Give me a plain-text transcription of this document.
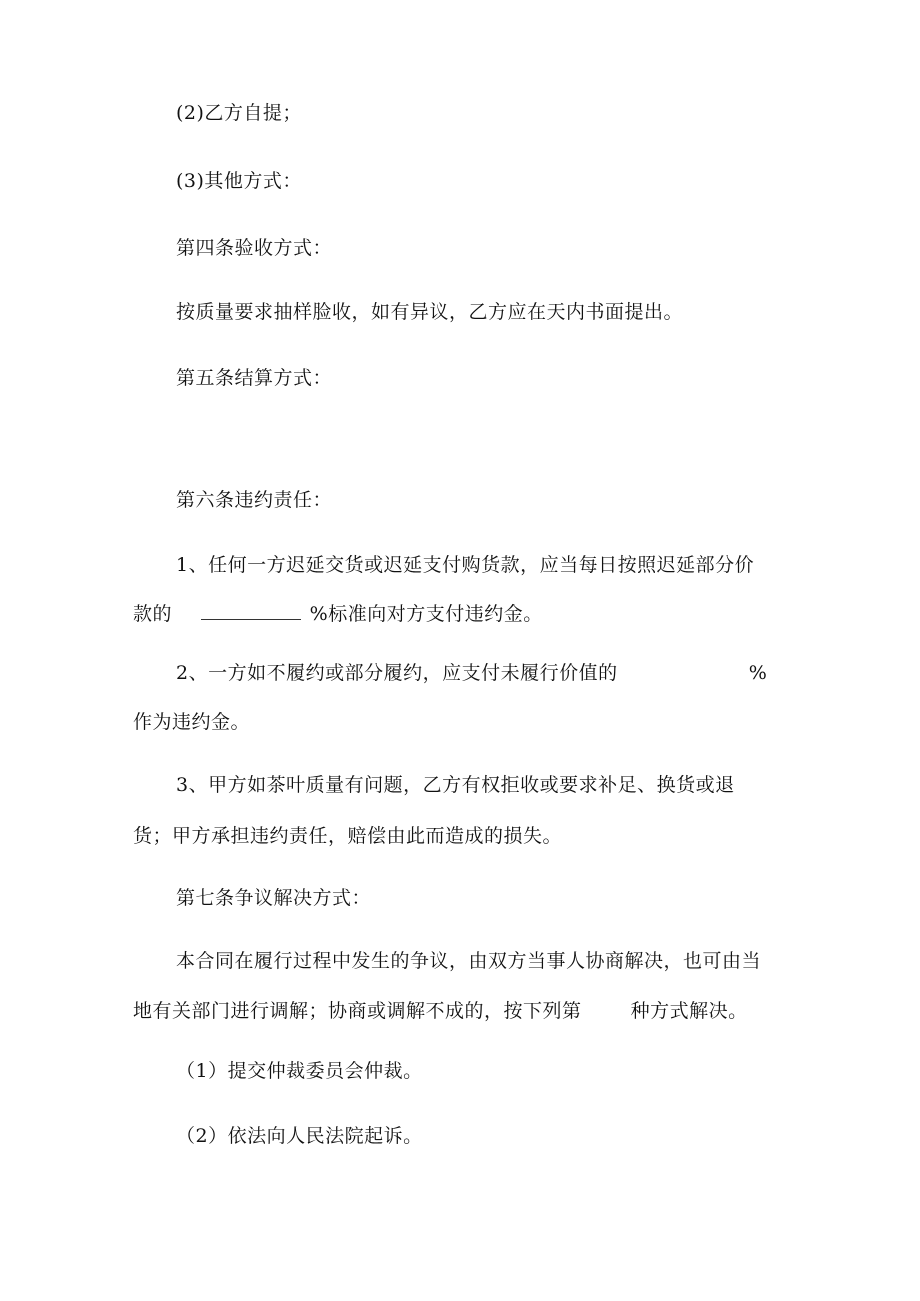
(2)乙方自提；
(3)其他方式：
第四条验收方式：
按质量要求抽样脸收，如有异议，乙方应在天内书面提出。
第五条结算方式：
第六条违约责任：
1、任何一方迟延交货或迟延支付购货款，应当每日按照迟延部分价
款的	%标准向对方支付违约金。
2、一方如不履约或部分履约，应支付未履行价值的	%
作为违约金。
3、甲方如茶叶质量有问题，乙方有权拒收或要求补足、换货或退
货；甲方承担违约责任，赔偿由此而造成的损失。
第七条争议解决方式：
本合同在履行过程中发生的争议，由双方当事人协商解决，也可由当
地有关部门进行调解；协商或调解不成的，按下列第	种方式解决。
（1）提交仲裁委员会仲裁。
（2）依法向人民法院起诉。
